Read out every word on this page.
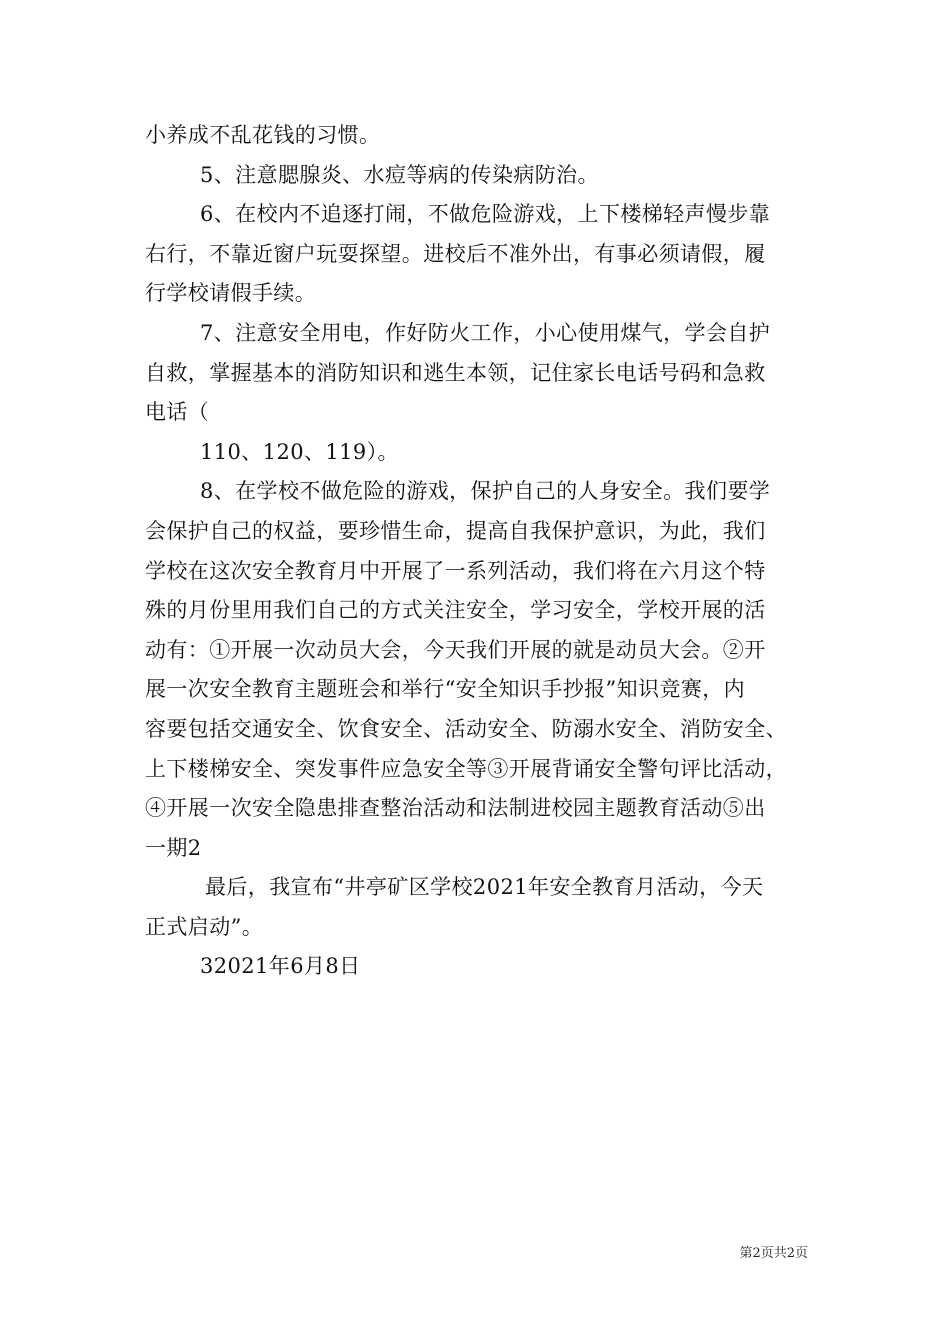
小养成不乱花钱的习惯。

5、注意腮腺炎、水痘等病的传染病防治。

6、在校内不追逐打闹，不做危险游戏，上下楼梯轻声慢步靠

右行，不靠近窗户玩耍探望。进校后不准外出，有事必须请假，履

行学校请假手续。

7、注意安全用电，作好防火工作，小心使用煤气，学会自护

自救，掌握基本的消防知识和逃生本领，记住家长电话号码和急救

电话（

110、120、119）。

8、在学校不做危险的游戏，保护自己的人身安全。我们要学

会保护自己的权益，要珍惜生命，提高自我保护意识，为此，我们

学校在这次安全教育月中开展了一系列活动，我们将在六月这个特

殊的月份里用我们自己的方式关注安全，学习安全，学校开展的活

动有：①开展一次动员大会，今天我们开展的就是动员大会。②开

展一次安全教育主题班会和举行“安全知识手抄报”知识竞赛，内

容要包括交通安全、饮食安全、活动安全、防溺水安全、消防安全、

上下楼梯安全、突发事件应急安全等③开展背诵安全警句评比活动，

④开展一次安全隐患排查整治活动和法制进校园主题教育活动⑤出

一期2

最后，我宣布“井亭矿区学校2021年安全教育月活动，今天

正式启动”。

32021年6月8日

第2页共2页
